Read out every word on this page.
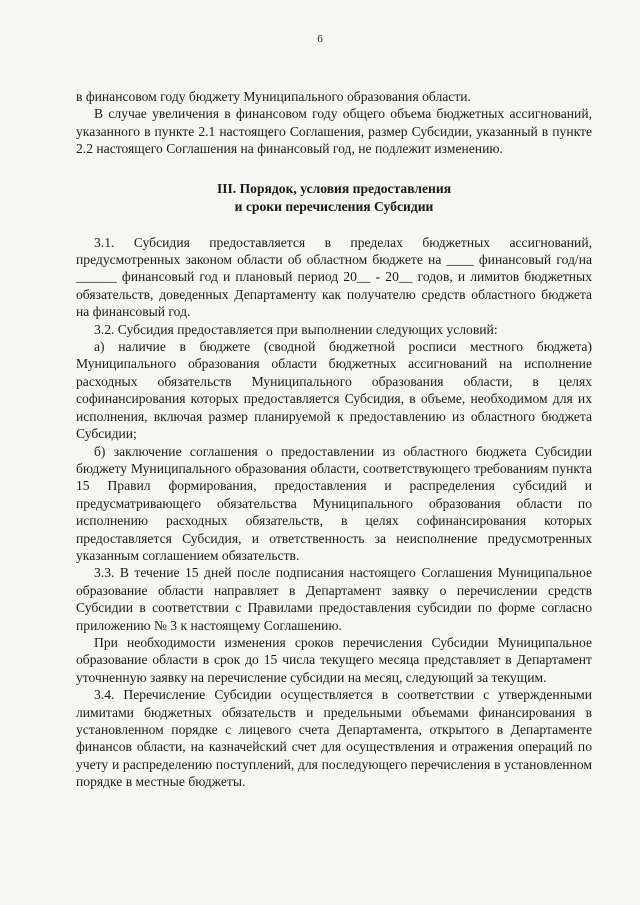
6

в финансовом году бюджету Муниципального образования области.

В случае увеличения в финансовом году общего объема бюджетных ассигнований, указанного в пункте 2.1 настоящего Соглашения, размер Субсидии, указанный в пункте 2.2 настоящего Соглашения на финансовый год, не подлежит изменению.

III. Порядок, условия предоставления
и сроки перечисления Субсидии

3.1. Субсидия предоставляется в пределах бюджетных ассигнований, предусмотренных законом области об областном бюджете на ____ финансовый год/на ______ финансовый год и плановый период 20__ - 20__ годов, и лимитов бюджетных обязательств, доведенных Департаменту как получателю средств областного бюджета на финансовый год.

3.2. Субсидия предоставляется при выполнении следующих условий:

а) наличие в бюджете (сводной бюджетной росписи местного бюджета) Муниципального образования области бюджетных ассигнований на исполнение расходных обязательств Муниципального образования области, в целях софинансирования которых предоставляется Субсидия, в объеме, необходимом для их исполнения, включая размер планируемой к предоставлению из областного бюджета Субсидии;

б) заключение соглашения о предоставлении из областного бюджета Субсидии бюджету Муниципального образования области, соответствующего требованиям пункта 15 Правил формирования, предоставления и распределения субсидий и предусматривающего обязательства Муниципального образования области по исполнению расходных обязательств, в целях софинансирования которых предоставляется Субсидия, и ответственность за неисполнение предусмотренных указанным соглашением обязательств.

3.3. В течение 15 дней после подписания настоящего Соглашения Муниципальное образование области направляет в Департамент заявку о перечислении средств Субсидии в соответствии с Правилами предоставления субсидии по форме согласно приложению № 3 к настоящему Соглашению.

При необходимости изменения сроков перечисления Субсидии Муниципальное образование области в срок до 15 числа текущего месяца представляет в Департамент уточненную заявку на перечисление субсидии на месяц, следующий за текущим.

3.4. Перечисление Субсидии осуществляется в соответствии с утвержденными лимитами бюджетных обязательств и предельными объемами финансирования в установленном порядке с лицевого счета Департамента, открытого в Департаменте финансов области, на казначейский счет для осуществления и отражения операций по учету и распределению поступлений, для последующего перечисления в установленном порядке в местные бюджеты.
